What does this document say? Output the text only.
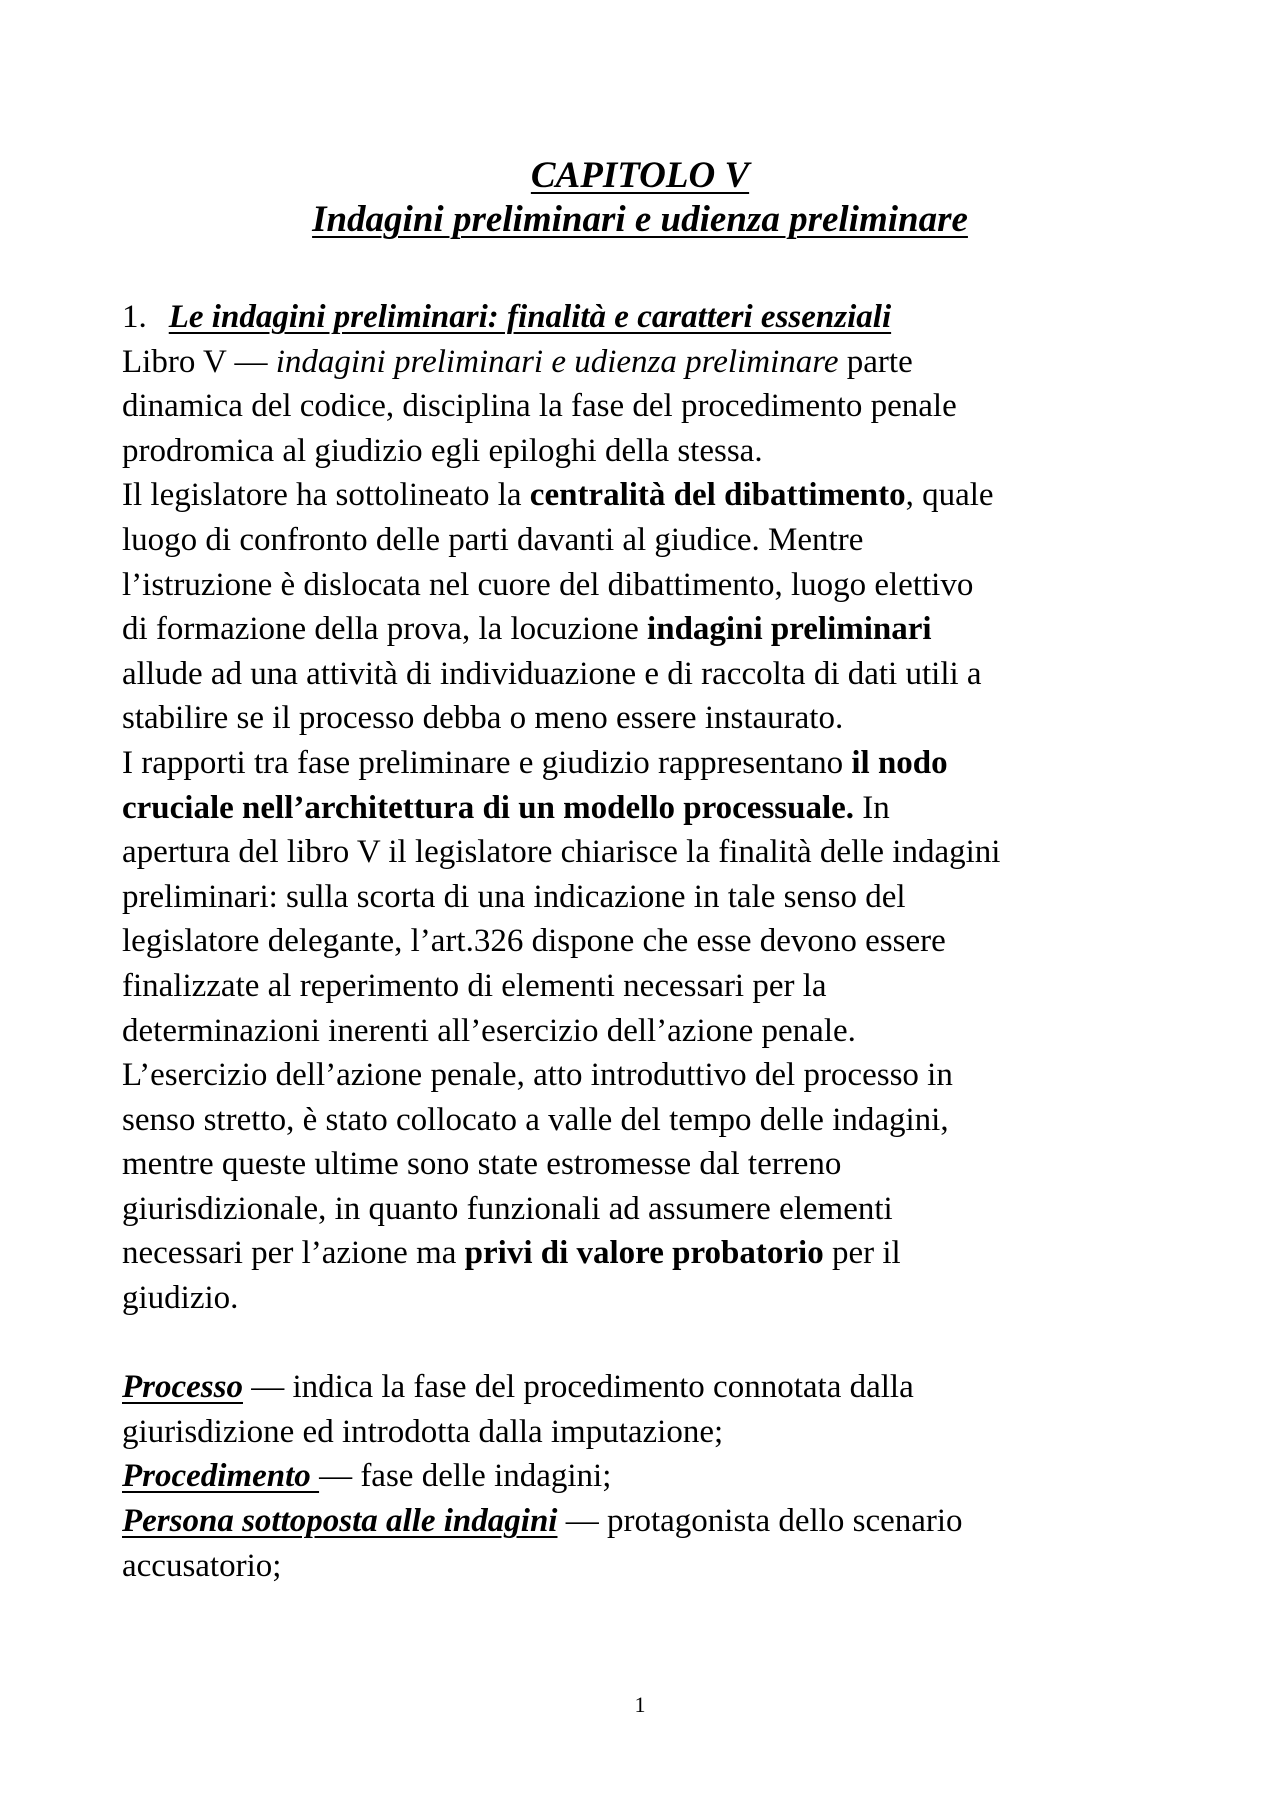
CAPITOLO V
Indagini preliminari e udienza preliminare
1. Le indagini preliminari: finalità e caratteri essenziali
Libro V — indagini preliminari e udienza preliminare parte
dinamica del codice, disciplina la fase del procedimento penale
prodromica al giudizio egli epiloghi della stessa.
Il legislatore ha sottolineato la centralità del dibattimento, quale
luogo di confronto delle parti davanti al giudice. Mentre
l’istruzione è dislocata nel cuore del dibattimento, luogo elettivo
di formazione della prova, la locuzione indagini preliminari
allude ad una attività di individuazione e di raccolta di dati utili a
stabilire se il processo debba o meno essere instaurato.
I rapporti tra fase preliminare e giudizio rappresentano il nodo
cruciale nell’architettura di un modello processuale. In
apertura del libro V il legislatore chiarisce la finalità delle indagini
preliminari: sulla scorta di una indicazione in tale senso del
legislatore delegante, l’art.326 dispone che esse devono essere
finalizzate al reperimento di elementi necessari per la
determinazioni inerenti all’esercizio dell’azione penale.
L’esercizio dell’azione penale, atto introduttivo del processo in
senso stretto, è stato collocato a valle del tempo delle indagini,
mentre queste ultime sono state estromesse dal terreno
giurisdizionale, in quanto funzionali ad assumere elementi
necessari per l’azione ma privi di valore probatorio per il
giudizio.
Processo — indica la fase del procedimento connotata dalla
giurisdizione ed introdotta dalla imputazione;
Procedimento — fase delle indagini;
Persona sottoposta alle indagini — protagonista dello scenario
accusatorio;
1
